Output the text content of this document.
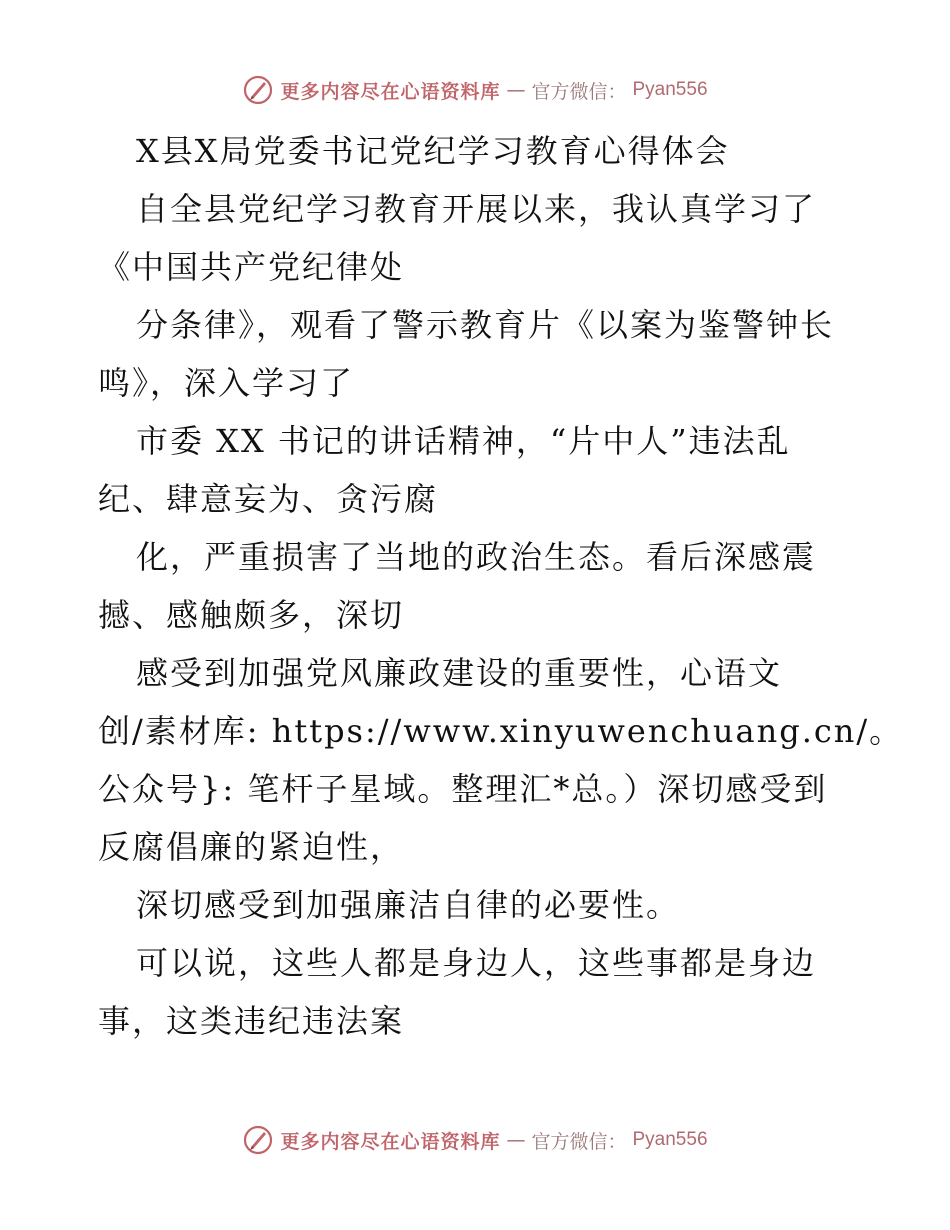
更多内容尽在心语资料库 — 官方微信： Pyan556
X县X局党委书记党纪学习教育心得体会
自全县党纪学习教育开展以来，我认真学习了
《中国共产党纪律处
分条律》，观看了警示教育片《以案为鉴警钟长
鸣》，深入学习了
市委 XX 书记的讲话精神，“片中人”违法乱
纪、肆意妄为、贪污腐
化，严重损害了当地的政治生态。看后深感震
撼、感触颇多，深切
感受到加强党风廉政建设的重要性，心语文
创/素材库: https://www.xinyuwenchuang.cn/。
公众号}: 笔杆子星域。整理汇*总。）深切感受到
反腐倡廉的紧迫性，
深切感受到加强廉洁自律的必要性。
可以说，这些人都是身边人，这些事都是身边
事，这类违纪违法案
更多内容尽在心语资料库 — 官方微信： Pyan556
